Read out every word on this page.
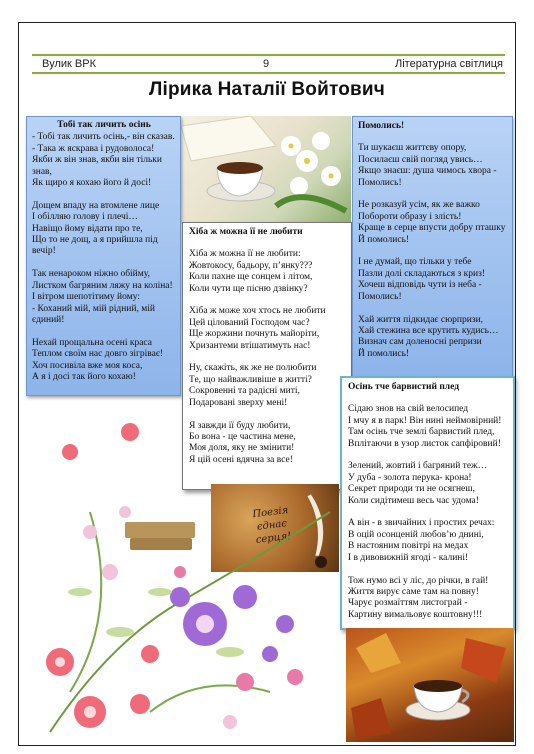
Вулик ВРК	9	Літературна світлиця
Лірика Наталії Войтович
Тобі так личить осінь

- Тобі так личить осінь,- він сказав.
- Така ж яскрава і рудоволоса!
Якби ж він знав, якби він тільки знав,
Як щиро я кохаю його й досі!

Дощем впаду на втомлене лице
І обілляю голову і плечі…
Навіщо йому відати про те,
Що то не дощ, а я прийшла під вечір!

Так ненароком ніжно обійму,
Листком багряним ляжу на коліна!
І вітром шепотітиму йому:
- Коханий мій, мій рідний, мій єдиний!

Нехай прощальна осені краса
Теплом своїм нас довго зігріває!
Хоч посивіла вже моя коса,
А я і досі так його кохаю!

Хіба ж можна її не любити

Хіба ж можна її не любити:
Жовтокосу, бадьору, п’янку???
Коли пахне ще сонцем і літом,
Коли чути ще пісню дзвінку?

Хіба ж може хоч хтось не любити
Цей цілований Господом час?
Ще жоржини почнуть майоріти,
Хризантеми втішатимуть нас!

Ну, скажіть, як же не полюбити
Те, що найважливіше в житті?
Сокровенні та радісні миті,
Подаровані зверху мені!

Я завжди її буду любити,
Бо вона - це частина мене,
Моя доля, яку не змінити!
Я цій осені вдячна за все!

Помолись!

Ти шукаєш життєву опору,
Посилаєш свій погляд увись…
Якщо знаєш: душа чимось хвора -
Помолись!

Не розказуй усім, як же важко
Побороти образу і злість!
Краще в серце впусти добру пташку
Й помолись!

І не думай, що тільки у тебе
Пазли долі складаються з криз!
Хочеш відповідь чути із неба -
Помолись!

Хай життя підкидає сюрпризи,
Хай стежина все крутить кудись…
Визнач сам доленосні репризи
Й помолись!

Осінь тче барвистий плед

Сідаю знов на свій велосипед
І мчу я в парк! Він нині неймовірний!
Там осінь тче землі барвистий плед,
Вплітаючи в узор листок сапфіровий!

Зелений, жовтий і багряний теж…
У дуба - золота перука- крона!
Секрет природи ти не осягнеш,
Коли сидітимеш весь час удома!

А він - в звичайних і простих речах:
В оцій осонценій любов’ю днині,
В настояним повітрі на медах
І в дивовижній ягоді - калині!

Тож нумо всі у ліс, до річки, в гай!
Життя вирує саме там на повну!
Чарує розмаїттям листограй -
Картину вимальовує коштовну!!!

Поезія єднає серця!
